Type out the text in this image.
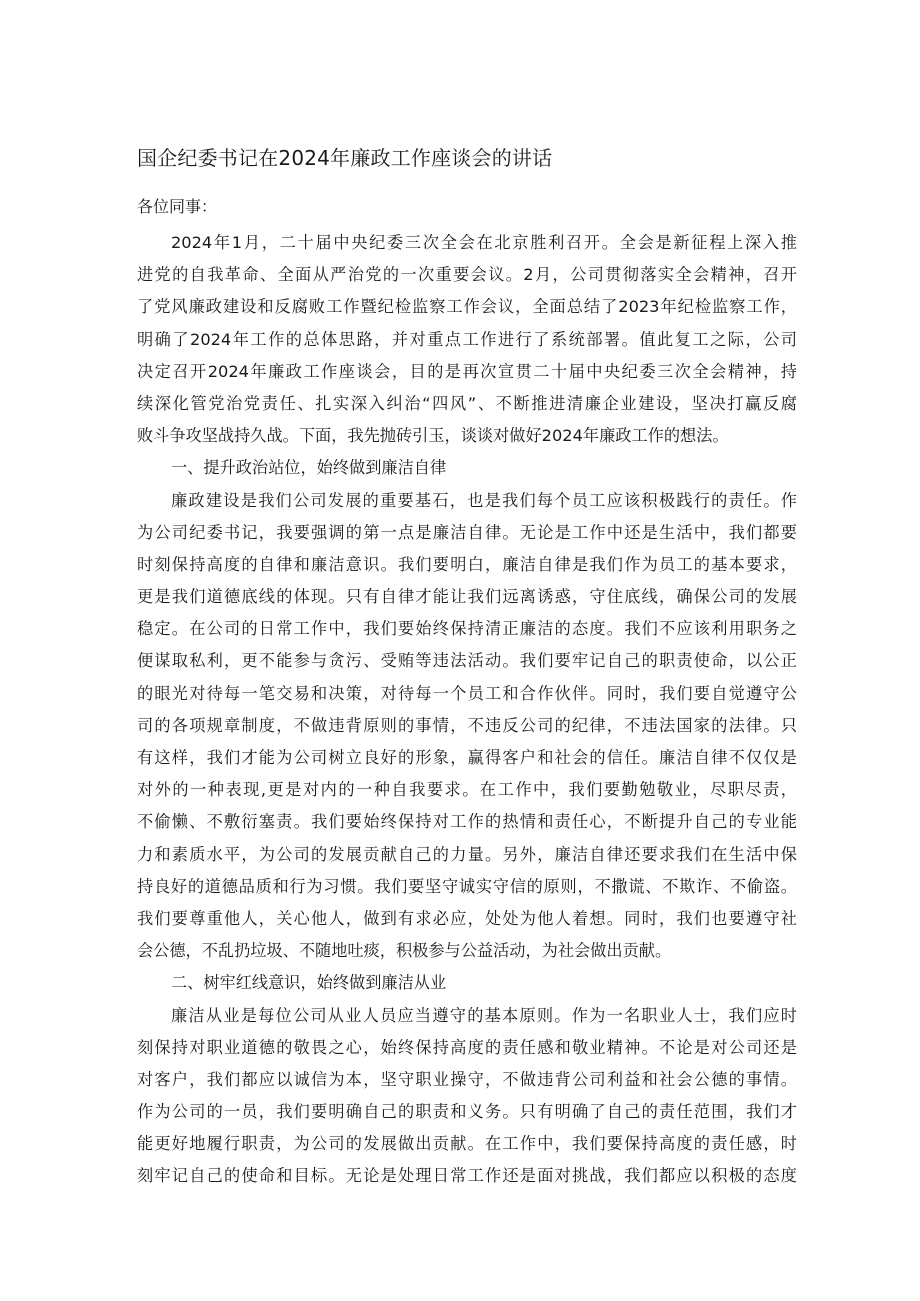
国企纪委书记在2024年廉政工作座谈会的讲话

各位同事：

2024年1月，二十届中央纪委三次全会在北京胜利召开。全会是新征程上深入推
进党的自我革命、全面从严治党的一次重要会议。2月，公司贯彻落实全会精神，召开
了党风廉政建设和反腐败工作暨纪检监察工作会议，全面总结了2023年纪检监察工作，
明确了2024年工作的总体思路，并对重点工作进行了系统部署。值此复工之际，公司
决定召开2024年廉政工作座谈会，目的是再次宣贯二十届中央纪委三次全会精神，持
续深化管党治党责任、扎实深入纠治“四风”、不断推进清廉企业建设，坚决打赢反腐
败斗争攻坚战持久战。下面，我先抛砖引玉，谈谈对做好2024年廉政工作的想法。
一、提升政治站位，始终做到廉洁自律
廉政建设是我们公司发展的重要基石，也是我们每个员工应该积极践行的责任。作
为公司纪委书记，我要强调的第一点是廉洁自律。无论是工作中还是生活中，我们都要
时刻保持高度的自律和廉洁意识。我们要明白，廉洁自律是我们作为员工的基本要求，
更是我们道德底线的体现。只有自律才能让我们远离诱惑，守住底线，确保公司的发展
稳定。在公司的日常工作中，我们要始终保持清正廉洁的态度。我们不应该利用职务之
便谋取私利，更不能参与贪污、受贿等违法活动。我们要牢记自己的职责使命，以公正
的眼光对待每一笔交易和决策，对待每一个员工和合作伙伴。同时，我们要自觉遵守公
司的各项规章制度，不做违背原则的事情，不违反公司的纪律，不违法国家的法律。只
有这样，我们才能为公司树立良好的形象，赢得客户和社会的信任。廉洁自律不仅仅是
对外的一种表现,更是对内的一种自我要求。在工作中，我们要勤勉敬业，尽职尽责，
不偷懒、不敷衍塞责。我们要始终保持对工作的热情和责任心，不断提升自己的专业能
力和素质水平，为公司的发展贡献自己的力量。另外，廉洁自律还要求我们在生活中保
持良好的道德品质和行为习惯。我们要坚守诚实守信的原则，不撒谎、不欺诈、不偷盗。
我们要尊重他人，关心他人，做到有求必应，处处为他人着想。同时，我们也要遵守社
会公德，不乱扔垃圾、不随地吐痰，积极参与公益活动，为社会做出贡献。
二、树牢红线意识，始终做到廉洁从业
廉洁从业是每位公司从业人员应当遵守的基本原则。作为一名职业人士，我们应时
刻保持对职业道德的敬畏之心，始终保持高度的责任感和敬业精神。不论是对公司还是
对客户，我们都应以诚信为本，坚守职业操守，不做违背公司利益和社会公德的事情。
作为公司的一员，我们要明确自己的职责和义务。只有明确了自己的责任范围，我们才
能更好地履行职责，为公司的发展做出贡献。在工作中，我们要保持高度的责任感，时
刻牢记自己的使命和目标。无论是处理日常工作还是面对挑战，我们都应以积极的态度
